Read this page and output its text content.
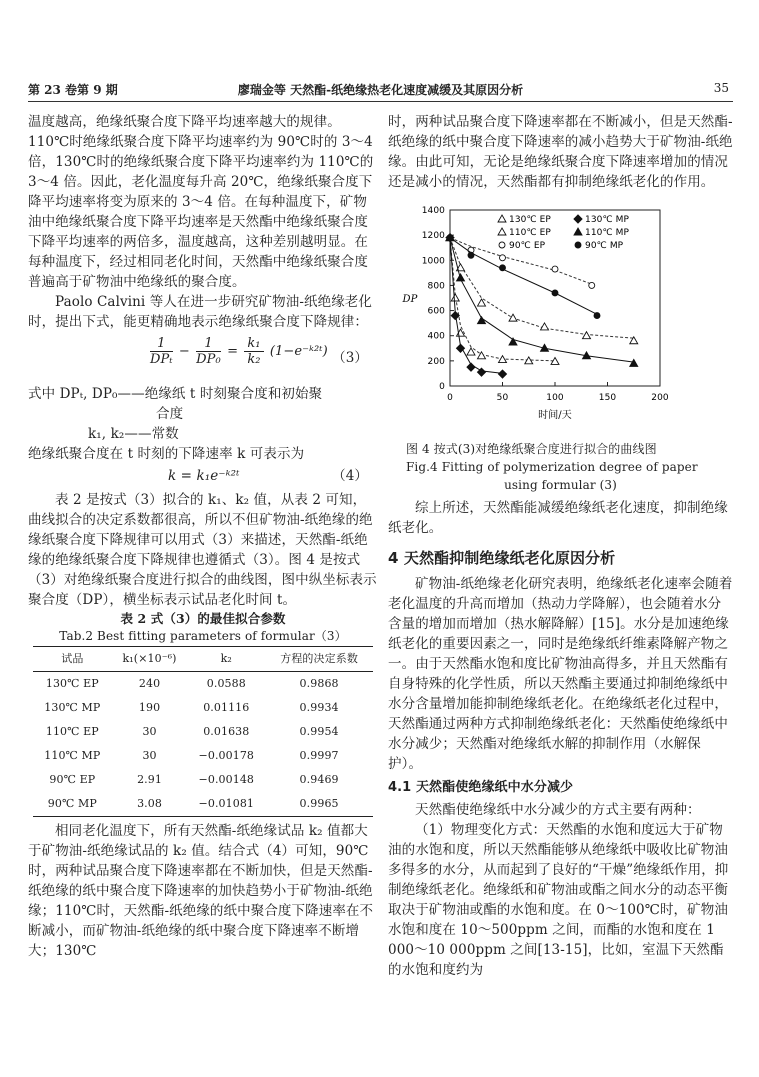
第 23 卷第 9 期	廖瑞金等 天然酯-纸绝缘热老化速度减缓及其原因分析	35

温度越高，绝缘纸聚合度下降平均速率越大的规律。110℃时绝缘纸聚合度下降平均速率约为 90℃时的 3～4 倍，130℃时的绝缘纸聚合度下降平均速率约为 110℃的 3～4 倍。因此，老化温度每升高 20℃，绝缘纸聚合度下降平均速率将变为原来的 3～4 倍。在每种温度下，矿物油中绝缘纸聚合度下降平均速率是天然酯中绝缘纸聚合度下降平均速率的两倍多，温度越高，这种差别越明显。在每种温度下，经过相同老化时间，天然酯中绝缘纸聚合度普遍高于矿物油中绝缘纸的聚合度。

Paolo Calvini 等人在进一步研究矿物油-纸绝缘老化时，提出下式，能更精确地表示绝缘纸聚合度下降规律：

$\frac{1}{\text{DPₜ}} - \frac{1}{\text{DP₀}} = \frac{\text{k₁}}{\text{k₂}}$ (1−e⁻ᵏ²ᵗ) （3）

式中 DPₜ, DP₀——绝缘纸 t 时刻聚合度和初始聚

合度

k₁, k₂——常数

绝缘纸聚合度在 t 时刻的下降速率 k 可表示为

k = k₁e⁻ᵏ²ᵗ	（4）

表 2 是按式（3）拟合的 k₁、k₂ 值，从表 2 可知，曲线拟合的决定系数都很高，所以不但矿物油-纸绝缘的绝缘纸聚合度下降规律可以用式（3）来描述，天然酯-纸绝缘的绝缘纸聚合度下降规律也遵循式（3）。图 4 是按式（3）对绝缘纸聚合度进行拟合的曲线图，图中纵坐标表示聚合度（DP），横坐标表示试品老化时间 t。

表 2 式（3）的最佳拟合参数
Tab.2 Best fitting parameters of formular（3）
试品	k₁(×10⁻⁶)	k₂	方程的决定系数
130℃ EP	240	0.0588	0.9868
130℃ MP	190	0.01116	0.9934
110℃ EP	30	0.01638	0.9954
110℃ MP	30	−0.00178	0.9997
90℃ EP	2.91	−0.00148	0.9469
90℃ MP	3.08	−0.01081	0.9965

相同老化温度下，所有天然酯-纸绝缘试品 k₂ 值都大于矿物油-纸绝缘试品的 k₂ 值。结合式（4）可知，90℃时，两种试品聚合度下降速率都在不断加快，但是天然酯-纸绝缘的纸中聚合度下降速率的加快趋势小于矿物油-纸绝缘；110℃时，天然酯-纸绝缘的纸中聚合度下降速率在不断减小，而矿物油-纸绝缘的纸中聚合度下降速率不断增大；130℃

时，两种试品聚合度下降速率都在不断减小，但是天然酯-纸绝缘的纸中聚合度下降速率的减小趋势大于矿物油-纸绝缘。由此可知，无论是绝缘纸聚合度下降速率增加的情况还是减小的情况，天然酯都有抑制绝缘纸老化的作用。

0	50	100	150	200
0
200
400
600
800
1000
1200
1400
时间/天
DP
130℃ EP	130℃ MP
110℃ EP	110℃ MP
90℃ EP	90℃ MP
图 4 按式(3)对绝缘纸聚合度进行拟合的曲线图
Fig.4 Fitting of polymerization degree of paper
using formular (3)

综上所述，天然酯能减缓绝缘纸老化速度，抑制绝缘纸老化。

4 天然酯抑制绝缘纸老化原因分析

矿物油-纸绝缘老化研究表明，绝缘纸老化速率会随着老化温度的升高而增加（热动力学降解），也会随着水分含量的增加而增加（热水解降解）[15]。水分是加速绝缘纸老化的重要因素之一，同时是绝缘纸纤维素降解产物之一。由于天然酯水饱和度比矿物油高得多，并且天然酯有自身特殊的化学性质，所以天然酯主要通过抑制绝缘纸中水分含量增加能抑制绝缘纸老化。在绝缘纸老化过程中，天然酯通过两种方式抑制绝缘纸老化：天然酯使绝缘纸中水分减少；天然酯对绝缘纸水解的抑制作用（水解保护）。

4.1 天然酯使绝缘纸中水分减少

天然酯使绝缘纸中水分减少的方式主要有两种：

（1）物理变化方式：天然酯的水饱和度远大于矿物油的水饱和度，所以天然酯能够从绝缘纸中吸收比矿物油多得多的水分，从而起到了良好的“干燥”绝缘纸作用，抑制绝缘纸老化。绝缘纸和矿物油或酯之间水分的动态平衡取决于矿物油或酯的水饱和度。在 0～100℃时，矿物油水饱和度在 10～500ppm 之间，而酯的水饱和度在 1 000～10 000ppm 之间[13-15]，比如，室温下天然酯的水饱和度约为
